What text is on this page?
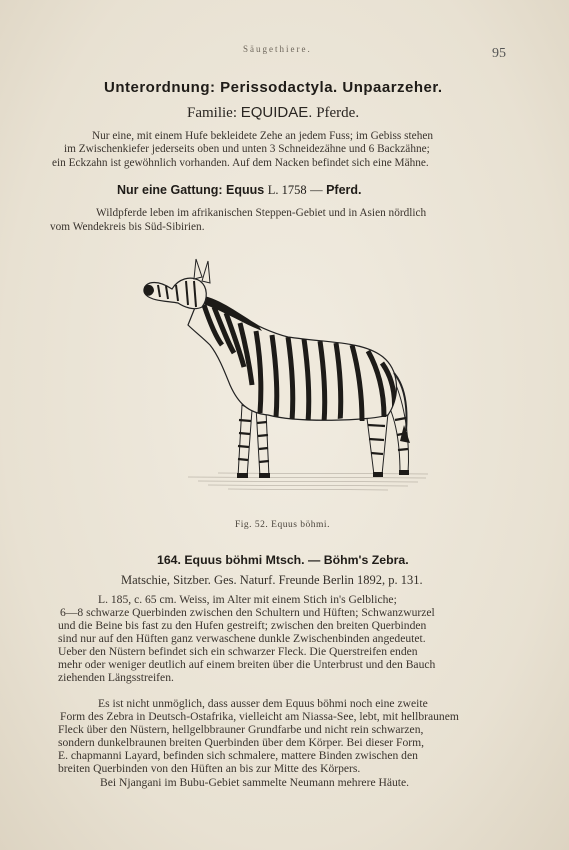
Säugethiere.	95
Unterordnung: Perissodactyla. Unpaarzeher.
Familie: EQUIDAE. Pferde.
Nur eine, mit einem Hufe bekleidete Zehe an jedem Fuss; im Gebiss stehen
im Zwischenkiefer jederseits oben und unten 3 Schneidezähne und 6 Backzähne;
ein Eckzahn ist gewöhnlich vorhanden. Auf dem Nacken befindet sich eine Mähne.
Nur eine Gattung: Equus L. 1758 — Pferd.
Wildpferde leben im afrikanischen Steppen-Gebiet und in Asien nördlich
vom Wendekreis bis Süd-Sibirien.
Fig. 52. Equus böhmi.
164. Equus böhmi Mtsch. — Böhm's Zebra.
Matschie, Sitzber. Ges. Naturf. Freunde Berlin 1892, p. 131.
L. 185, c. 65 cm. Weiss, im Alter mit einem Stich in's Gelbliche;
6—8 schwarze Querbinden zwischen den Schultern und Hüften; Schwanzwurzel
und die Beine bis fast zu den Hufen gestreift; zwischen den breiten Querbinden
sind nur auf den Hüften ganz verwaschene dunkle Zwischenbinden angedeutet.
Ueber den Nüstern befindet sich ein schwarzer Fleck. Die Querstreifen enden
mehr oder weniger deutlich auf einem breiten über die Unterbrust und den Bauch
ziehenden Längsstreifen.
Es ist nicht unmöglich, dass ausser dem Equus böhmi noch eine zweite
Form des Zebra in Deutsch-Ostafrika, vielleicht am Niassa-See, lebt, mit hellbraunem
Fleck über den Nüstern, hellgelbbrauner Grundfarbe und nicht rein schwarzen,
sondern dunkelbraunen breiten Querbinden über dem Körper. Bei dieser Form,
E. chapmanni Layard, befinden sich schmalere, mattere Binden zwischen den
breiten Querbinden von den Hüften an bis zur Mitte des Körpers.
Bei Njangani im Bubu-Gebiet sammelte Neumann mehrere Häute.
